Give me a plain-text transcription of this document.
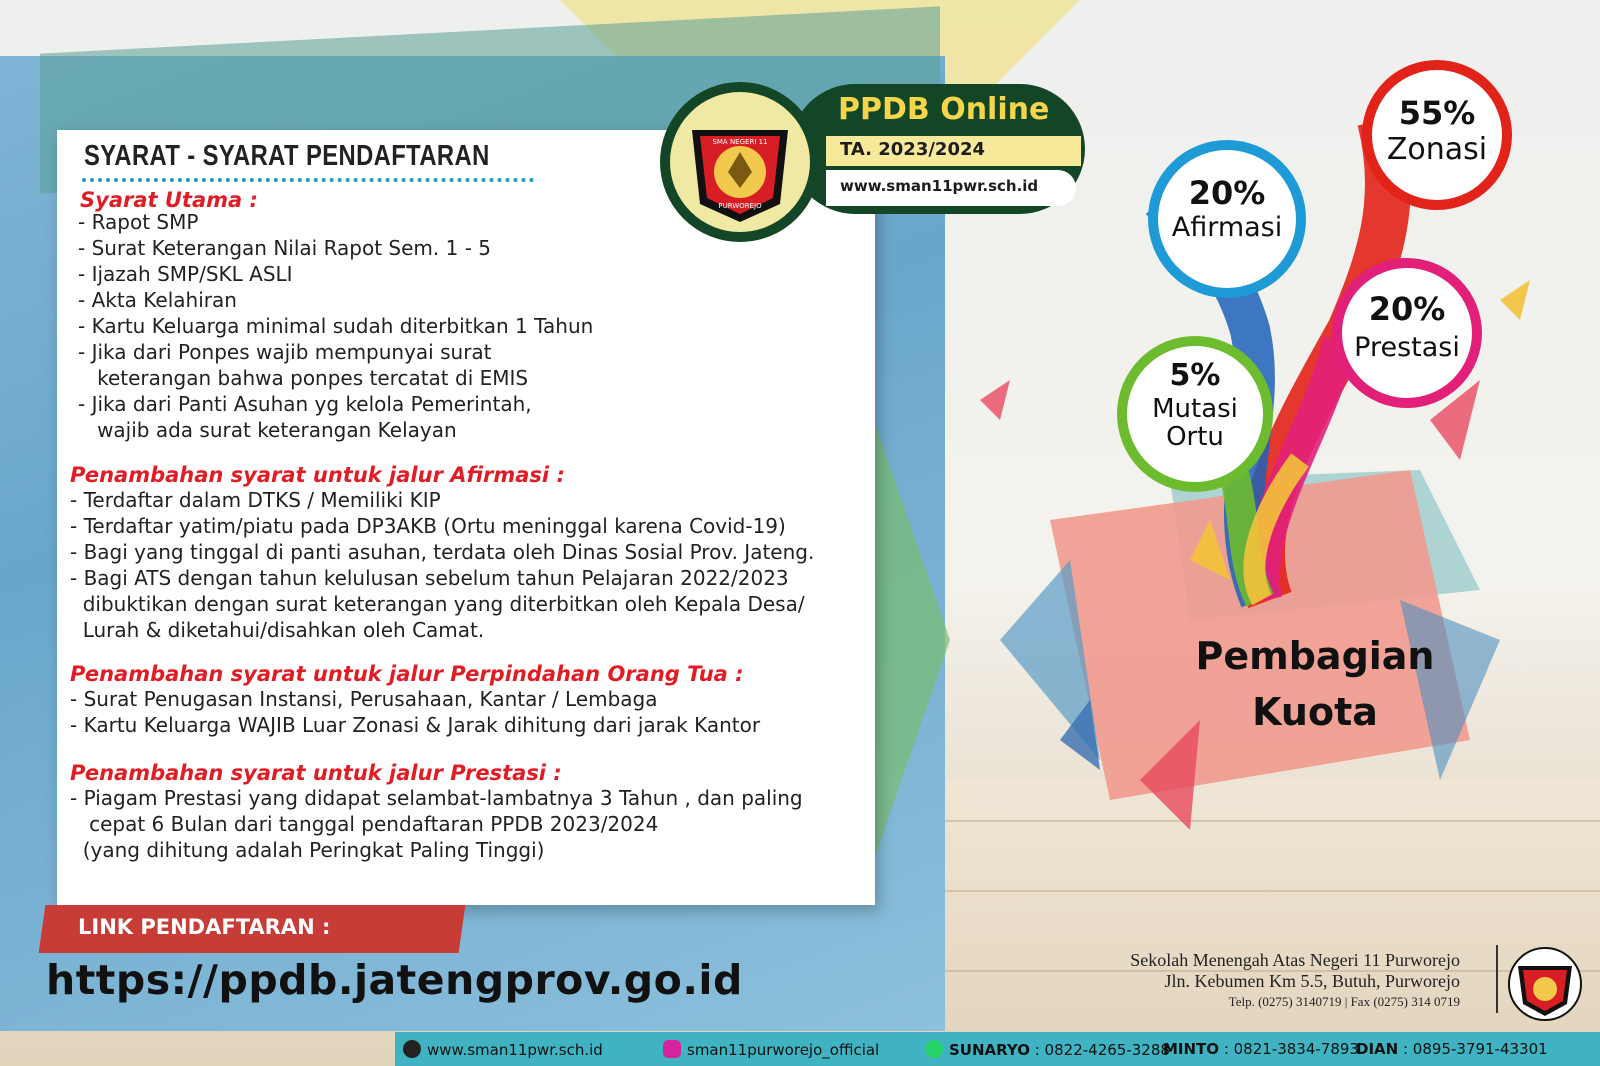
SYARAT - SYARAT PENDAFTARAN
Syarat Utama :
- Rapot SMP
- Surat Keterangan Nilai Rapot Sem. 1 - 5
- Ijazah SMP/SKL ASLI
- Akta Kelahiran
- Kartu Keluarga minimal sudah diterbitkan 1 Tahun
- Jika dari Ponpes wajib mempunyai surat
keterangan bahwa ponpes tercatat di EMIS
- Jika dari Panti Asuhan yg kelola Pemerintah,
wajib ada surat keterangan Kelayan
Penambahan syarat untuk jalur Afirmasi :
- Terdaftar dalam DTKS / Memiliki KIP
- Terdaftar yatim/piatu pada DP3AKB (Ortu meninggal karena Covid-19)
- Bagi yang tinggal di panti asuhan, terdata oleh Dinas Sosial Prov. Jateng.
- Bagi ATS dengan tahun kelulusan sebelum tahun Pelajaran 2022/2023
dibuktikan dengan surat keterangan yang diterbitkan oleh Kepala Desa/
Lurah & diketahui/disahkan oleh Camat.
Penambahan syarat untuk jalur Perpindahan Orang Tua :
- Surat Penugasan Instansi, Perusahaan, Kantar / Lembaga
- Kartu Keluarga WAJIB Luar Zonasi & Jarak dihitung dari jarak Kantor
Penambahan syarat untuk jalur Prestasi :
- Piagam Prestasi yang didapat selambat-lambatnya 3 Tahun , dan paling
cepat 6 Bulan dari tanggal pendaftaran PPDB 2023/2024
(yang dihitung adalah Peringkat Paling Tinggi)
PPDB Online
TA. 2023/2024
www.sman11pwr.sch.id
SMA NEGERI 11
PURWOREJO
55%
Zonasi
20%
Afirmasi
20%
Prestasi
5%
Mutasi
Ortu
Pembagian
Kuota
LINK PENDAFTARAN :
https://ppdb.jatengprov.go.id	Sekolah Menengah Atas Negeri 11 Purworejo
Jln. Kebumen Km 5.5, Butuh, Purworejo
Telp. (0275) 3140719 | Fax (0275) 314 0719
www.sman11pwr.sch.id	sman11purworejo_official	SUNARYO : 0822-4265-3288
MINTO : 0821-3834-7893
DIAN : 0895-3791-43301
